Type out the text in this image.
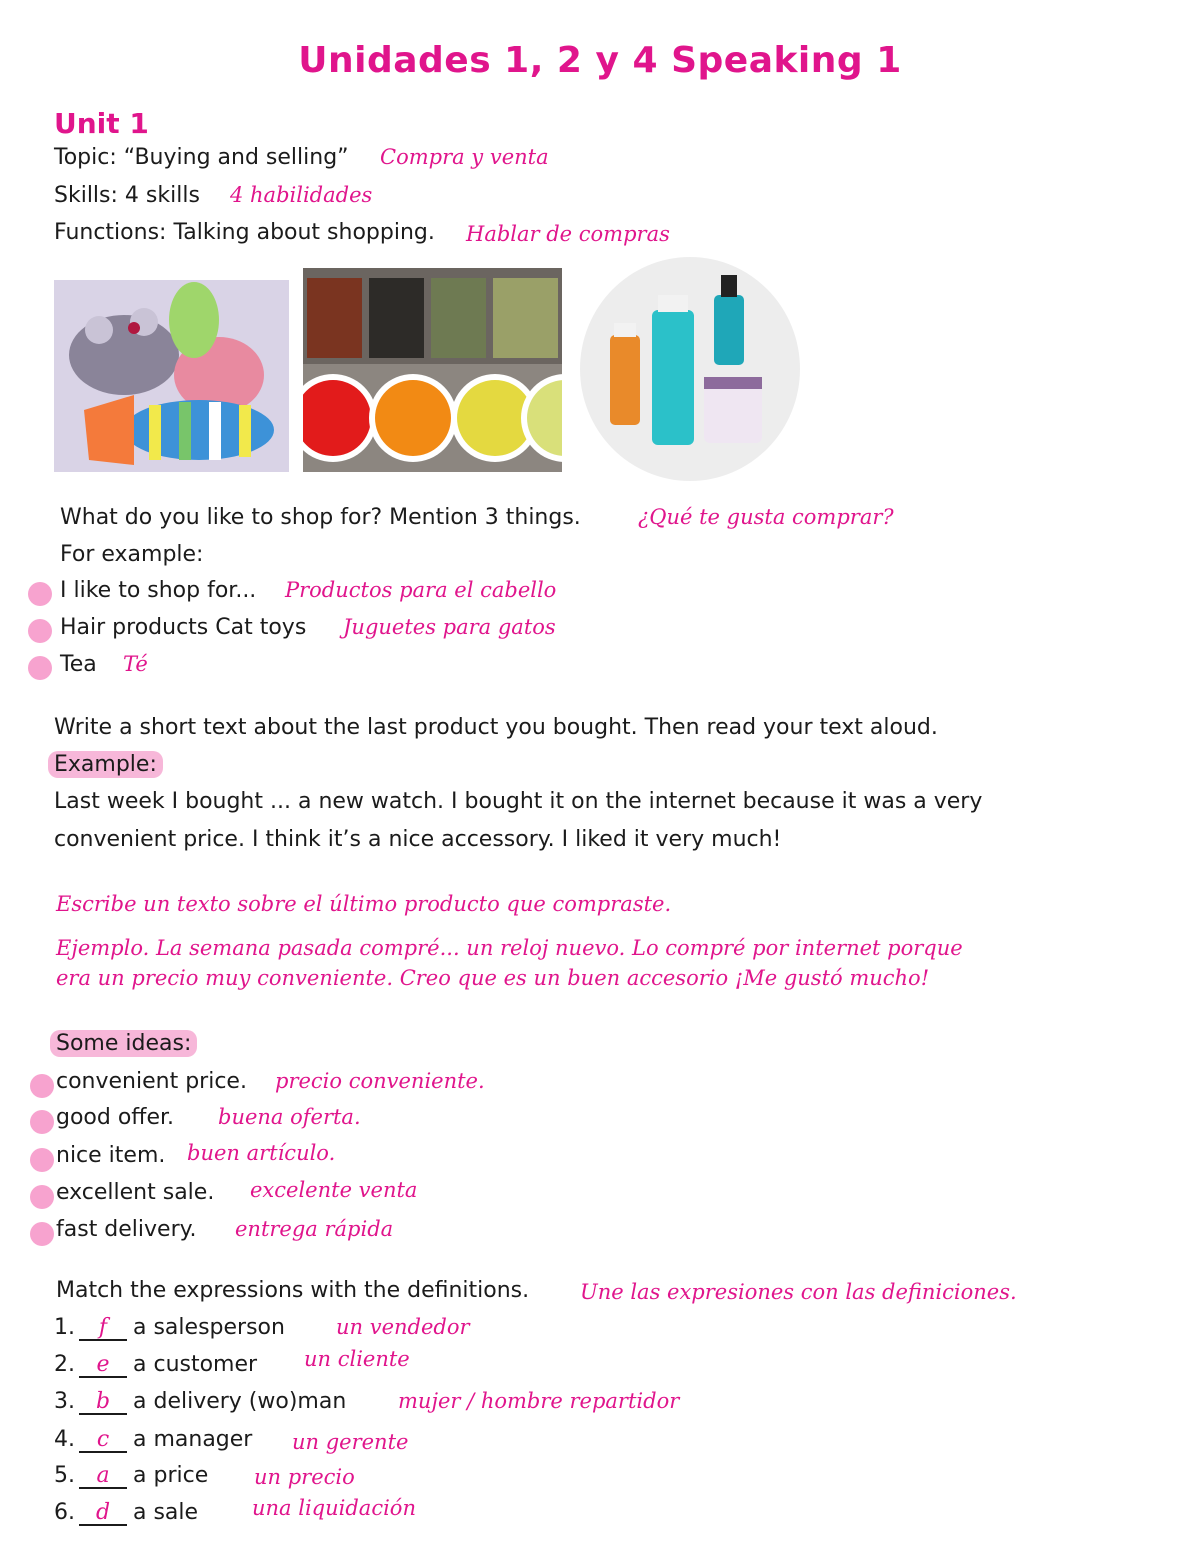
Unidades 1, 2 y 4 Speaking 1
Unit 1
Topic: “Buying and selling” Compra y venta
Skills: 4 skills 4 habilidades
Functions: Talking about shopping. Hablar de compras
What do you like to shop for? Mention 3 things.	¿Qué te gusta comprar?
For example:
I like to shop for... Productos para el cabello
Hair products Cat toys Juguetes para gatos
Tea Té
Write a short text about the last product you bought. Then read your text aloud.
Example:
Last week I bought ... a new watch. I bought it on the internet because it was a very
convenient price. I think it’s a nice accessory. I liked it very much!
Escribe un texto sobre el último producto que compraste.
Ejemplo. La semana pasada compré... un reloj nuevo. Lo compré por internet porque
era un precio muy conveniente. Creo que es un buen accesorio ¡Me gustó mucho!
Some ideas:
convenient price. precio conveniente.
good offer. buena oferta.
nice item. buen artículo.
excellent sale. excelente venta
fast delivery. entrega rápida
Match the expressions with the definitions. Une las expresiones con las definiciones.
1. f a salesperson un vendedor
2. e a customer un cliente
3. b a delivery (wo)man mujer / hombre repartidor
4. c a manager un gerente
5. a a price un precio
6. d a sale	una liquidación
